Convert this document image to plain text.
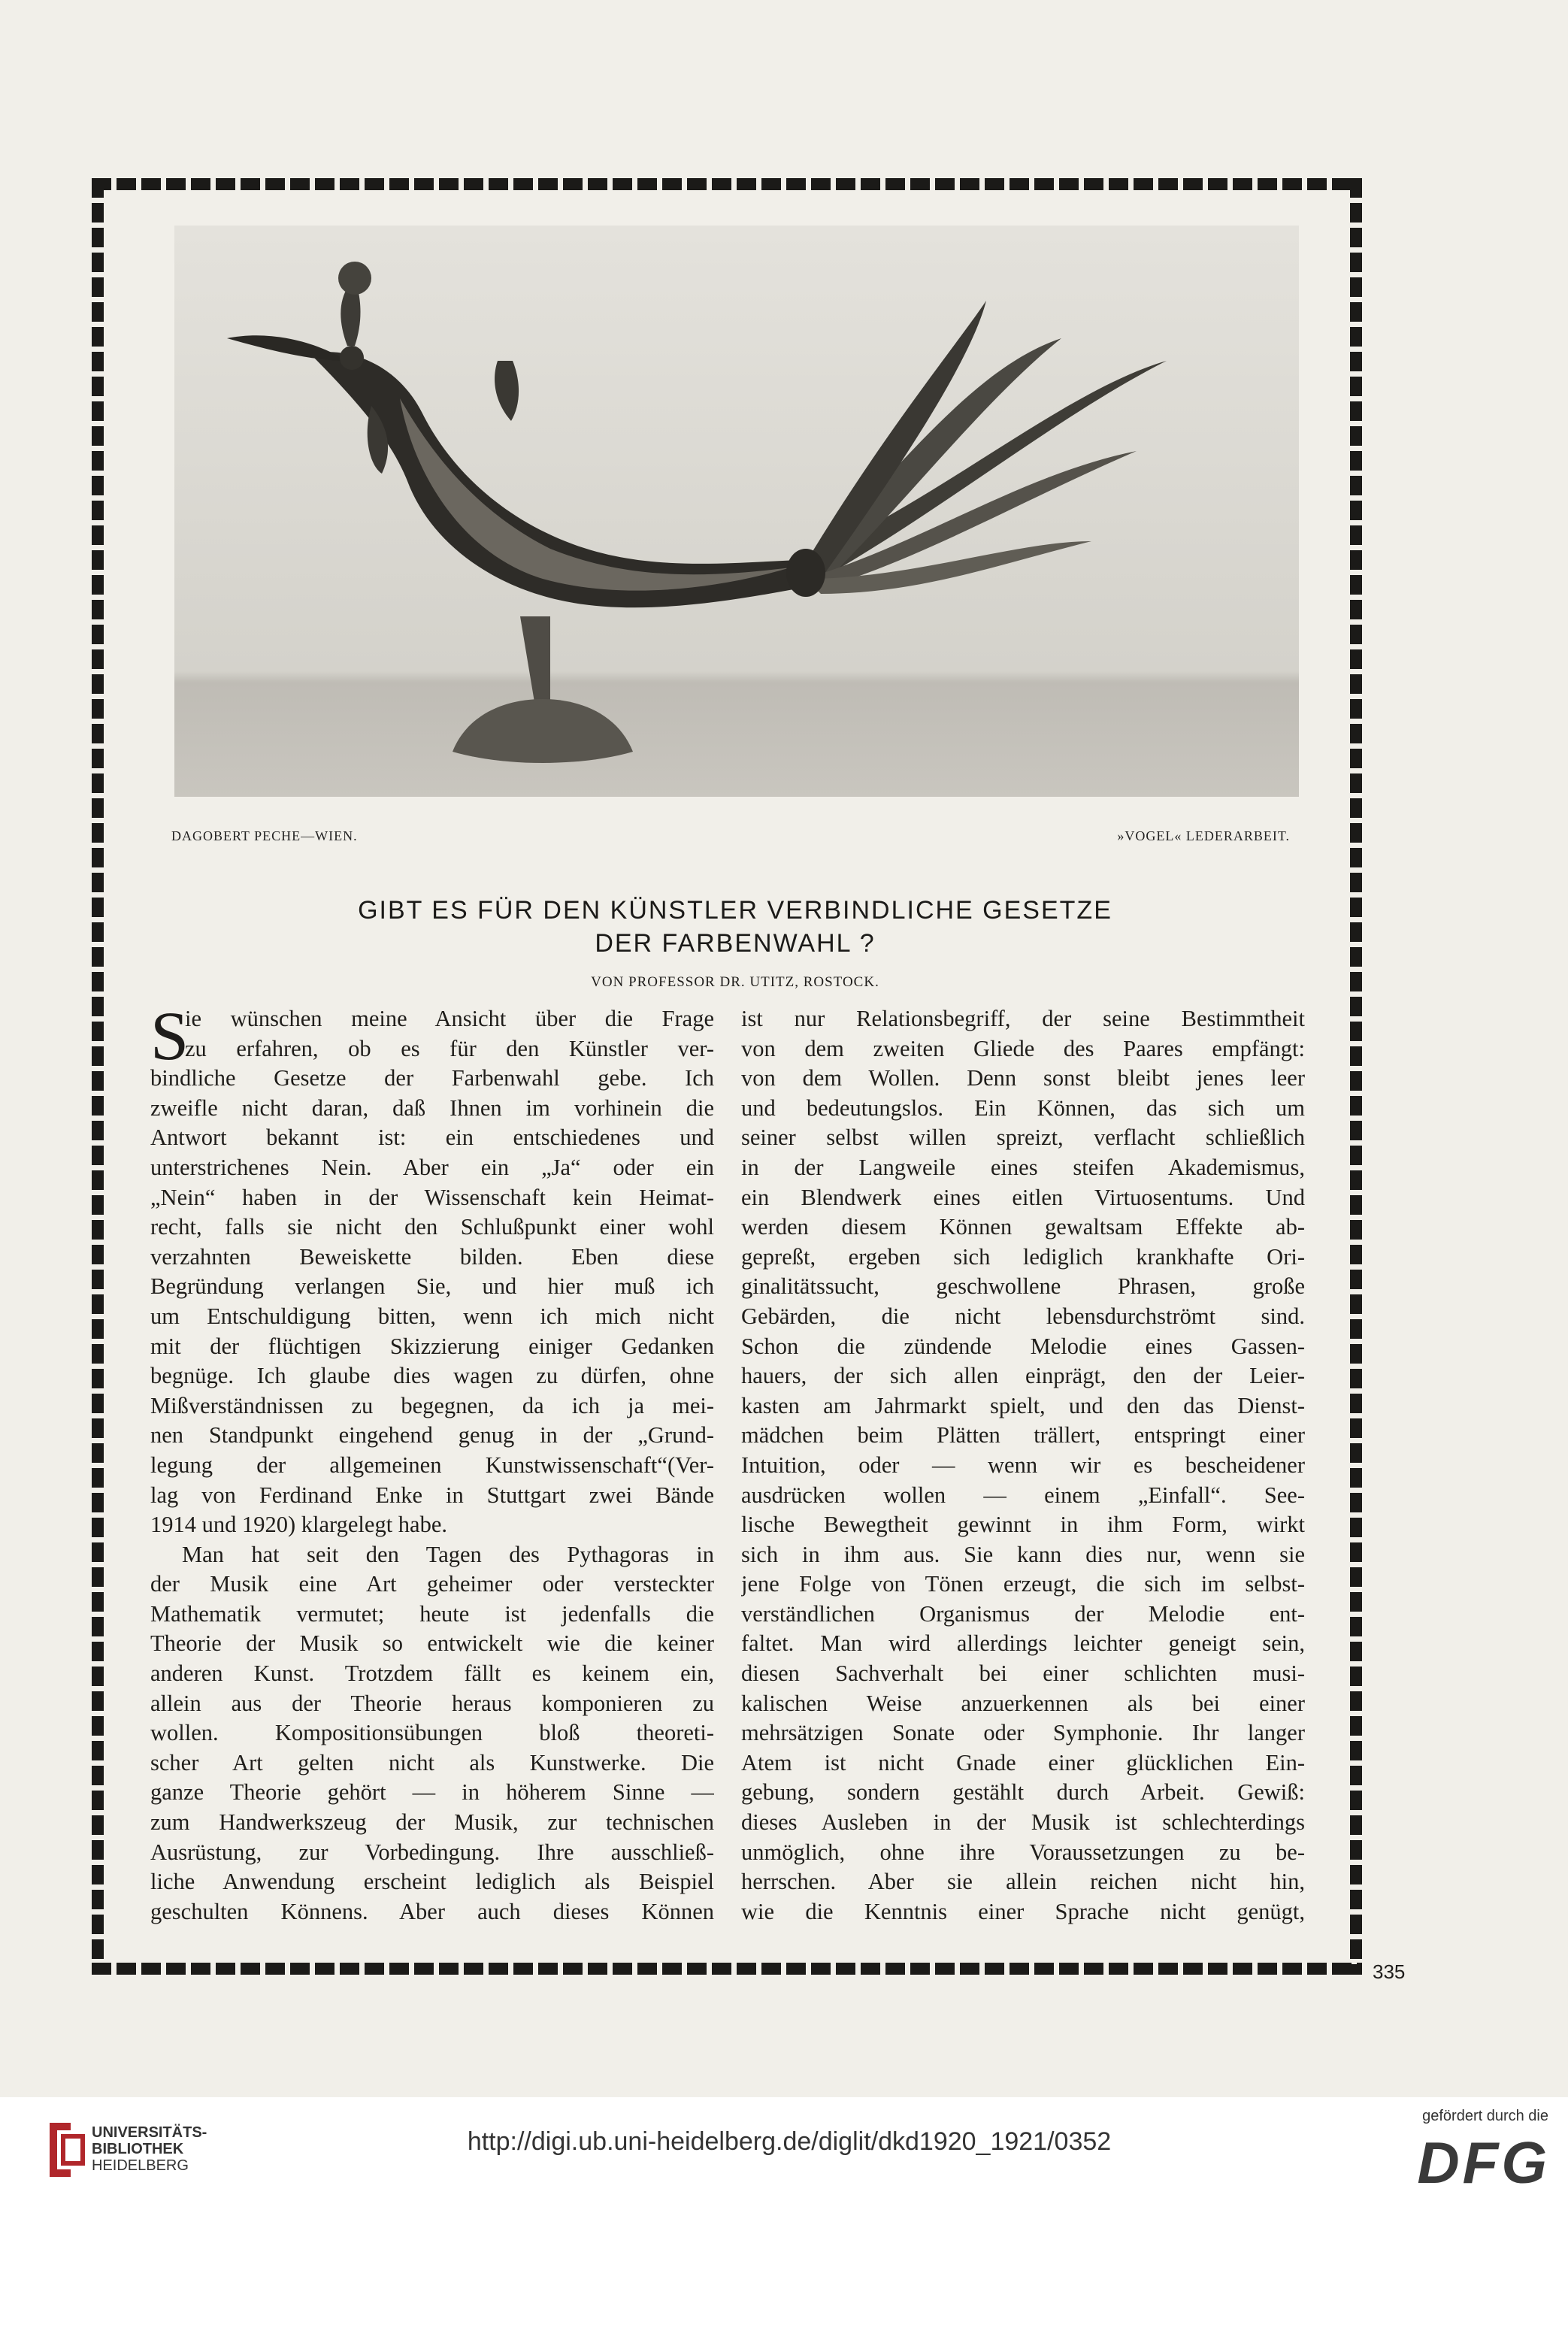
DAGOBERT PECHE—WIEN.	»VOGEL« LEDERARBEIT.
GIBT ES FÜR DEN KÜNSTLER VERBINDLICHE GESETZE
DER FARBENWAHL ?
VON PROFESSOR DR. UTITZ, ROSTOCK.
S
ie wünschen meine Ansicht über die Frage
zu erfahren, ob es für den Künstler ver-
bindliche Gesetze der Farbenwahl gebe. Ich
zweifle nicht daran, daß Ihnen im vorhinein die
Antwort bekannt ist: ein entschiedenes und
unterstrichenes Nein. Aber ein „Ja“ oder ein
„Nein“ haben in der Wissenschaft kein Heimat-
recht, falls sie nicht den Schlußpunkt einer wohl
verzahnten Beweiskette bilden. Eben diese
Begründung verlangen Sie, und hier muß ich
um Entschuldigung bitten, wenn ich mich nicht
mit der flüchtigen Skizzierung einiger Gedanken
begnüge. Ich glaube dies wagen zu dürfen, ohne
Mißverständnissen zu begegnen, da ich ja mei-
nen Standpunkt eingehend genug in der „Grund-
legung der allgemeinen Kunstwissenschaft“(Ver-
lag von Ferdinand Enke in Stuttgart zwei Bände
1914 und 1920) klargelegt habe.
Man hat seit den Tagen des Pythagoras in
der Musik eine Art geheimer oder versteckter
Mathematik vermutet; heute ist jedenfalls die
Theorie der Musik so entwickelt wie die keiner
anderen Kunst. Trotzdem fällt es keinem ein,
allein aus der Theorie heraus komponieren zu
wollen. Kompositionsübungen bloß theoreti-
scher Art gelten nicht als Kunstwerke. Die
ganze Theorie gehört — in höherem Sinne —
zum Handwerkszeug der Musik, zur technischen
Ausrüstung, zur Vorbedingung. Ihre ausschließ-
liche Anwendung erscheint lediglich als Beispiel
geschulten Könnens. Aber auch dieses Können
ist nur Relationsbegriff, der seine Bestimmtheit
von dem zweiten Gliede des Paares empfängt:
von dem Wollen. Denn sonst bleibt jenes leer
und bedeutungslos. Ein Können, das sich um
seiner selbst willen spreizt, verflacht schließlich
in der Langweile eines steifen Akademismus,
ein Blendwerk eines eitlen Virtuosentums. Und
werden diesem Können gewaltsam Effekte ab-
gepreßt, ergeben sich lediglich krankhafte Ori-
ginalitätssucht, geschwollene Phrasen, große
Gebärden, die nicht lebensdurchströmt sind.
Schon die zündende Melodie eines Gassen-
hauers, der sich allen einprägt, den der Leier-
kasten am Jahrmarkt spielt, und den das Dienst-
mädchen beim Plätten trällert, entspringt einer
Intuition, oder — wenn wir es bescheidener
ausdrücken wollen — einem „Einfall“. See-
lische Bewegtheit gewinnt in ihm Form, wirkt
sich in ihm aus. Sie kann dies nur, wenn sie
jene Folge von Tönen erzeugt, die sich im selbst-
verständlichen Organismus der Melodie ent-
faltet. Man wird allerdings leichter geneigt sein,
diesen Sachverhalt bei einer schlichten musi-
kalischen Weise anzuerkennen als bei einer
mehrsätzigen Sonate oder Symphonie. Ihr langer
Atem ist nicht Gnade einer glücklichen Ein-
gebung, sondern gestählt durch Arbeit. Gewiß:
dieses Ausleben in der Musik ist schlechterdings
unmöglich, ohne ihre Voraussetzungen zu be-
herrschen. Aber sie allein reichen nicht hin,
wie die Kenntnis einer Sprache nicht genügt,
335
UNIVERSITÄTS-
BIBLIOTHEK
HEIDELBERG
http://digi.ub.uni-heidelberg.de/diglit/dkd1920_1921/0352
gefördert durch die
DFG
